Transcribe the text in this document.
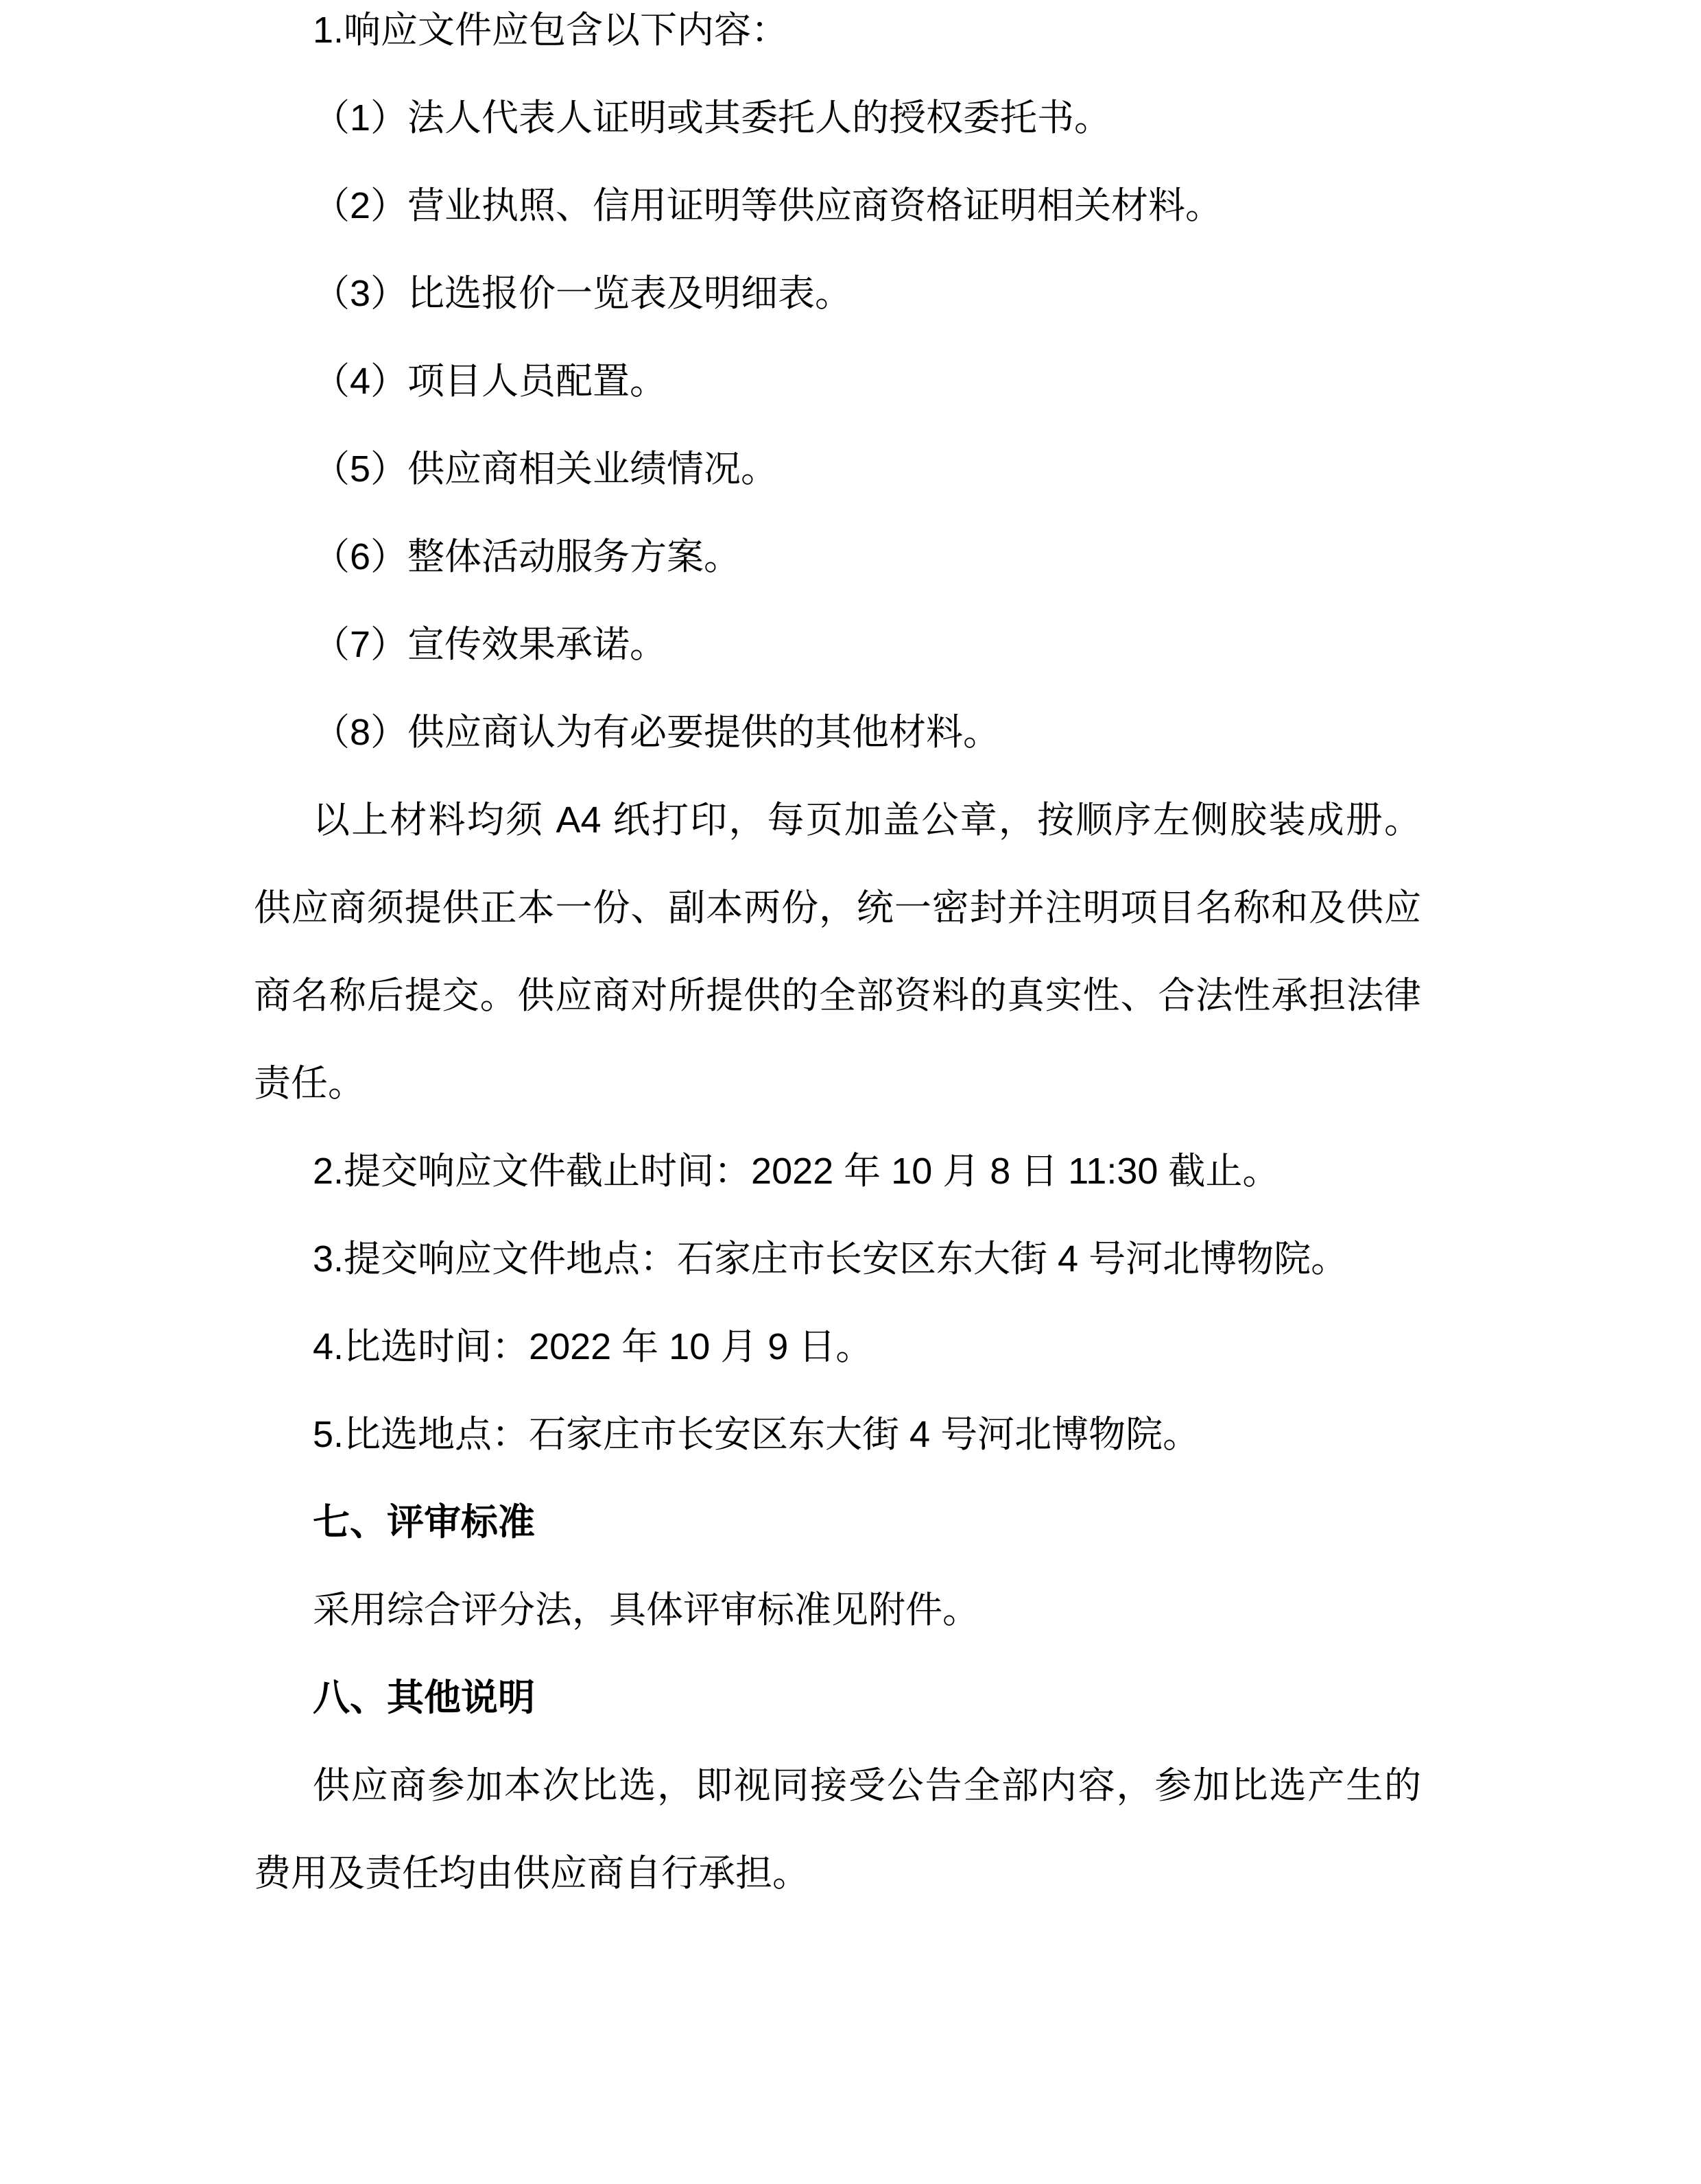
1.响应文件应包含以下内容：
（1）法人代表人证明或其委托人的授权委托书。
（2）营业执照、信用证明等供应商资格证明相关材料。
（3）比选报价一览表及明细表。
（4）项目人员配置。
（5）供应商相关业绩情况。
（6）整体活动服务方案。
（7）宣传效果承诺。
（8）供应商认为有必要提供的其他材料。
以上材料均须 A4 纸打印，每页加盖公章，按顺序左侧胶装成册。
供应商须提供正本一份、副本两份，统一密封并注明项目名称和及供应
商名称后提交。供应商对所提供的全部资料的真实性、合法性承担法律
责任。
2.提交响应文件截止时间：2022 年 10 月 8 日 11:30 截止。
3.提交响应文件地点：石家庄市长安区东大街 4 号河北博物院。
4.比选时间：2022 年 10 月 9 日。
5.比选地点：石家庄市长安区东大街 4 号河北博物院。
七、评审标准
采用综合评分法，具体评审标准见附件。
八、其他说明
供应商参加本次比选，即视同接受公告全部内容，参加比选产生的
费用及责任均由供应商自行承担。
